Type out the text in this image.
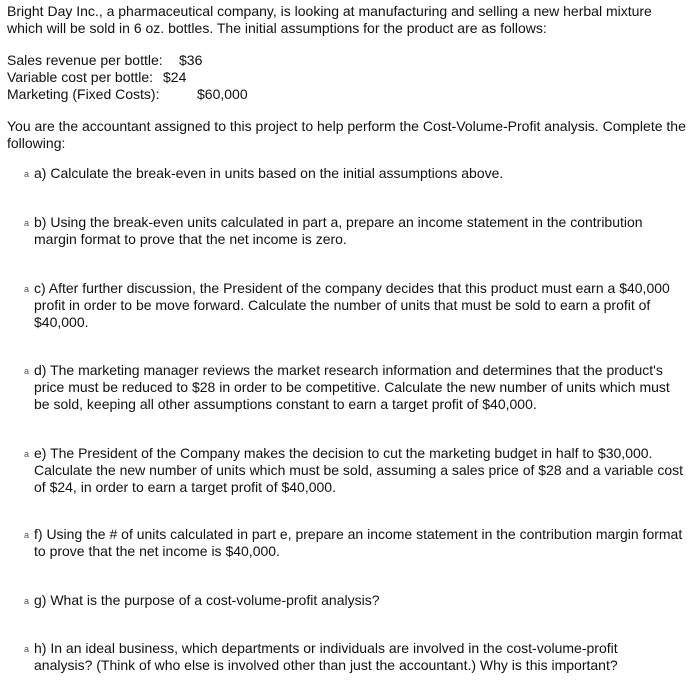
Bright Day Inc., a pharmaceutical company, is looking at manufacturing and selling a new herbal mixture which will be sold in 6 oz. bottles. The initial assumptions for the product are as follows:

Sales revenue per bottle: $36
Variable cost per bottle: $24
Marketing (Fixed Costs):	$60,000

You are the accountant assigned to this project to help perform the Cost-Volume-Profit analysis. Complete the following:

a a) Calculate the break-even in units based on the initial assumptions above.
a b) Using the break-even units calculated in part a, prepare an income statement in the contribution margin format to prove that the net income is zero.
a c) After further discussion, the President of the company decides that this product must earn a $40,000 profit in order to be move forward. Calculate the number of units that must be sold to earn a profit of $40,000.
a d) The marketing manager reviews the market research information and determines that the product's price must be reduced to $28 in order to be competitive. Calculate the new number of units which must be sold, keeping all other assumptions constant to earn a target profit of $40,000.
a e) The President of the Company makes the decision to cut the marketing budget in half to $30,000. Calculate the new number of units which must be sold, assuming a sales price of $28 and a variable cost of $24, in order to earn a target profit of $40,000.
a f) Using the # of units calculated in part e, prepare an income statement in the contribution margin format to prove that the net income is $40,000.
a g) What is the purpose of a cost-volume-profit analysis?
a h) In an ideal business, which departments or individuals are involved in the cost-volume-profit analysis? (Think of who else is involved other than just the accountant.) Why is this important?
